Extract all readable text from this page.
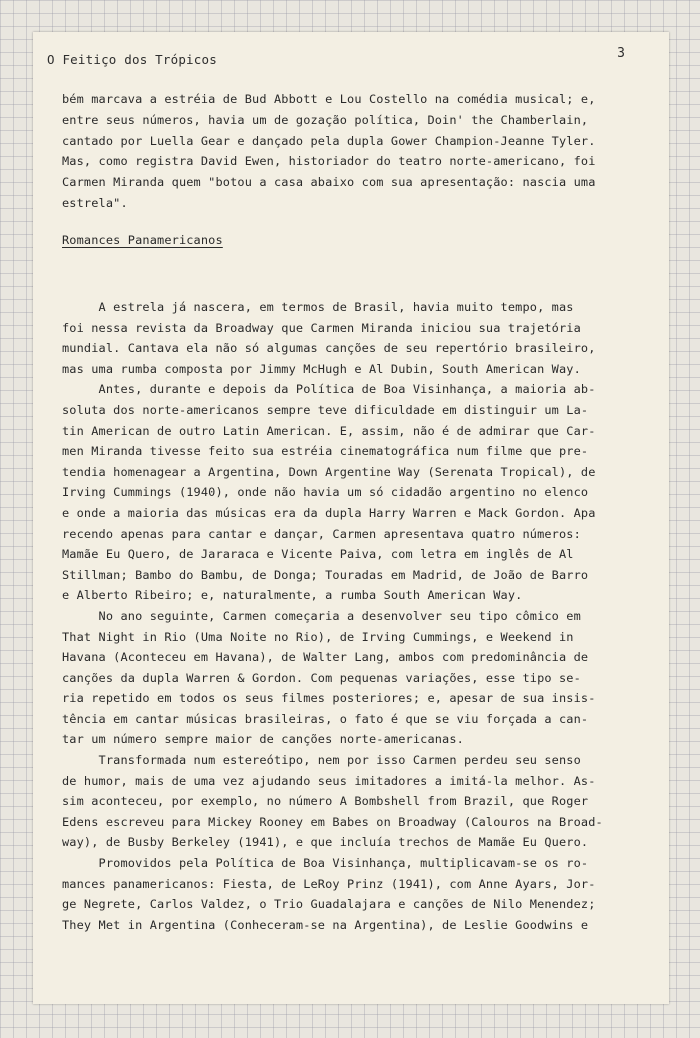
O Feitiço dos Trópicos	3
bém marcava a estréia de Bud Abbott e Lou Costello na comédia musical; e,
entre seus números, havia um de gozação política, Doin' the Chamberlain,
cantado por Luella Gear e dançado pela dupla Gower Champion-Jeanne Tyler.
Mas, como registra David Ewen, historiador do teatro norte-americano, foi
Carmen Miranda quem "botou a casa abaixo com sua apresentação: nascia uma
estrela".
Romances Panamericanos
A estrela já nascera, em termos de Brasil, havia muito tempo, mas
foi nessa revista da Broadway que Carmen Miranda iniciou sua trajetória
mundial. Cantava ela não só algumas canções de seu repertório brasileiro,
mas uma rumba composta por Jimmy McHugh e Al Dubin, South American Way.
Antes, durante e depois da Política de Boa Visinhança, a maioria ab-
soluta dos norte-americanos sempre teve dificuldade em distinguir um La-
tin American de outro Latin American. E, assim, não é de admirar que Car-
men Miranda tivesse feito sua estréia cinematográfica num filme que pre-
tendia homenagear a Argentina, Down Argentine Way (Serenata Tropical), de
Irving Cummings (1940), onde não havia um só cidadão argentino no elenco
e onde a maioria das músicas era da dupla Harry Warren e Mack Gordon. Apa
recendo apenas para cantar e dançar, Carmen apresentava quatro números:
Mamãe Eu Quero, de Jararaca e Vicente Paiva, com letra em inglês de Al
Stillman; Bambo do Bambu, de Donga; Touradas em Madrid, de João de Barro
e Alberto Ribeiro; e, naturalmente, a rumba South American Way.
No ano seguinte, Carmen começaria a desenvolver seu tipo cômico em
That Night in Rio (Uma Noite no Rio), de Irving Cummings, e Weekend in
Havana (Aconteceu em Havana), de Walter Lang, ambos com predominância de
canções da dupla Warren & Gordon. Com pequenas variações, esse tipo se-
ria repetido em todos os seus filmes posteriores; e, apesar de sua insis-
tência em cantar músicas brasileiras, o fato é que se viu forçada a can-
tar um número sempre maior de canções norte-americanas.
Transformada num estereótipo, nem por isso Carmen perdeu seu senso
de humor, mais de uma vez ajudando seus imitadores a imitá-la melhor. As-
sim aconteceu, por exemplo, no número A Bombshell from Brazil, que Roger
Edens escreveu para Mickey Rooney em Babes on Broadway (Calouros na Broad-
way), de Busby Berkeley (1941), e que incluía trechos de Mamãe Eu Quero.
Promovidos pela Política de Boa Visinhança, multiplicavam-se os ro-
mances panamericanos: Fiesta, de LeRoy Prinz (1941), com Anne Ayars, Jor-
ge Negrete, Carlos Valdez, o Trio Guadalajara e canções de Nilo Menendez;
They Met in Argentina (Conheceram-se na Argentina), de Leslie Goodwins e
